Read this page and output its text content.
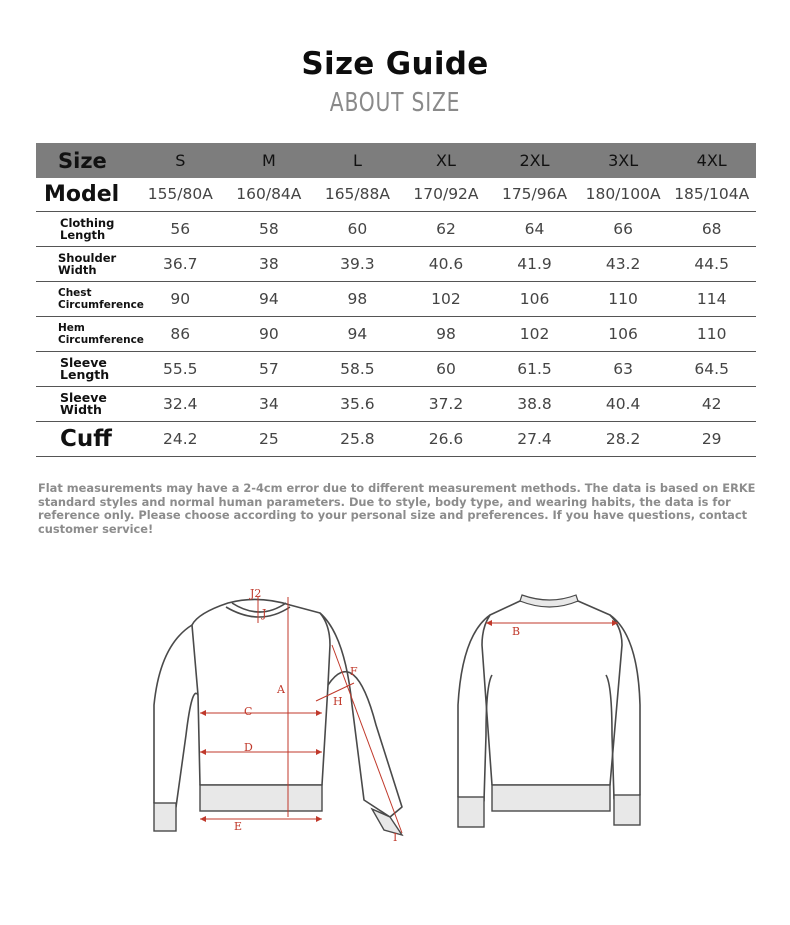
Size Guide
ABOUT SIZE
Size	S	M	L	XL	2XL	3XL	4XL
Model	155/80A	160/84A	165/88A	170/92A	175/96A	180/100A	185/104A
Clothing Length	56	58	60	62	64	66	68
Shoulder Width	36.7	38	39.3	40.6	41.9	43.2	44.5
Chest Circumference	90	94	98	102	106	110	114
Hem Circumference	86	90	94	98	102	106	110
Sleeve Length	55.5	57	58.5	60	61.5	63	64.5
Sleeve Width	32.4	34	35.6	37.2	38.8	40.4	42
Cuff	24.2	25	25.8	26.6	27.4	28.2	29
Flat measurements may have a 2-4cm error due to different measurement methods. The data is based on ERKE standard styles and normal human parameters. Due to style, body type, and wearing habits, the data is for reference only. Please choose according to your personal size and preferences. If you have questions, contact customer service!
C
D
E
A
F
H
I
J2
J
B
